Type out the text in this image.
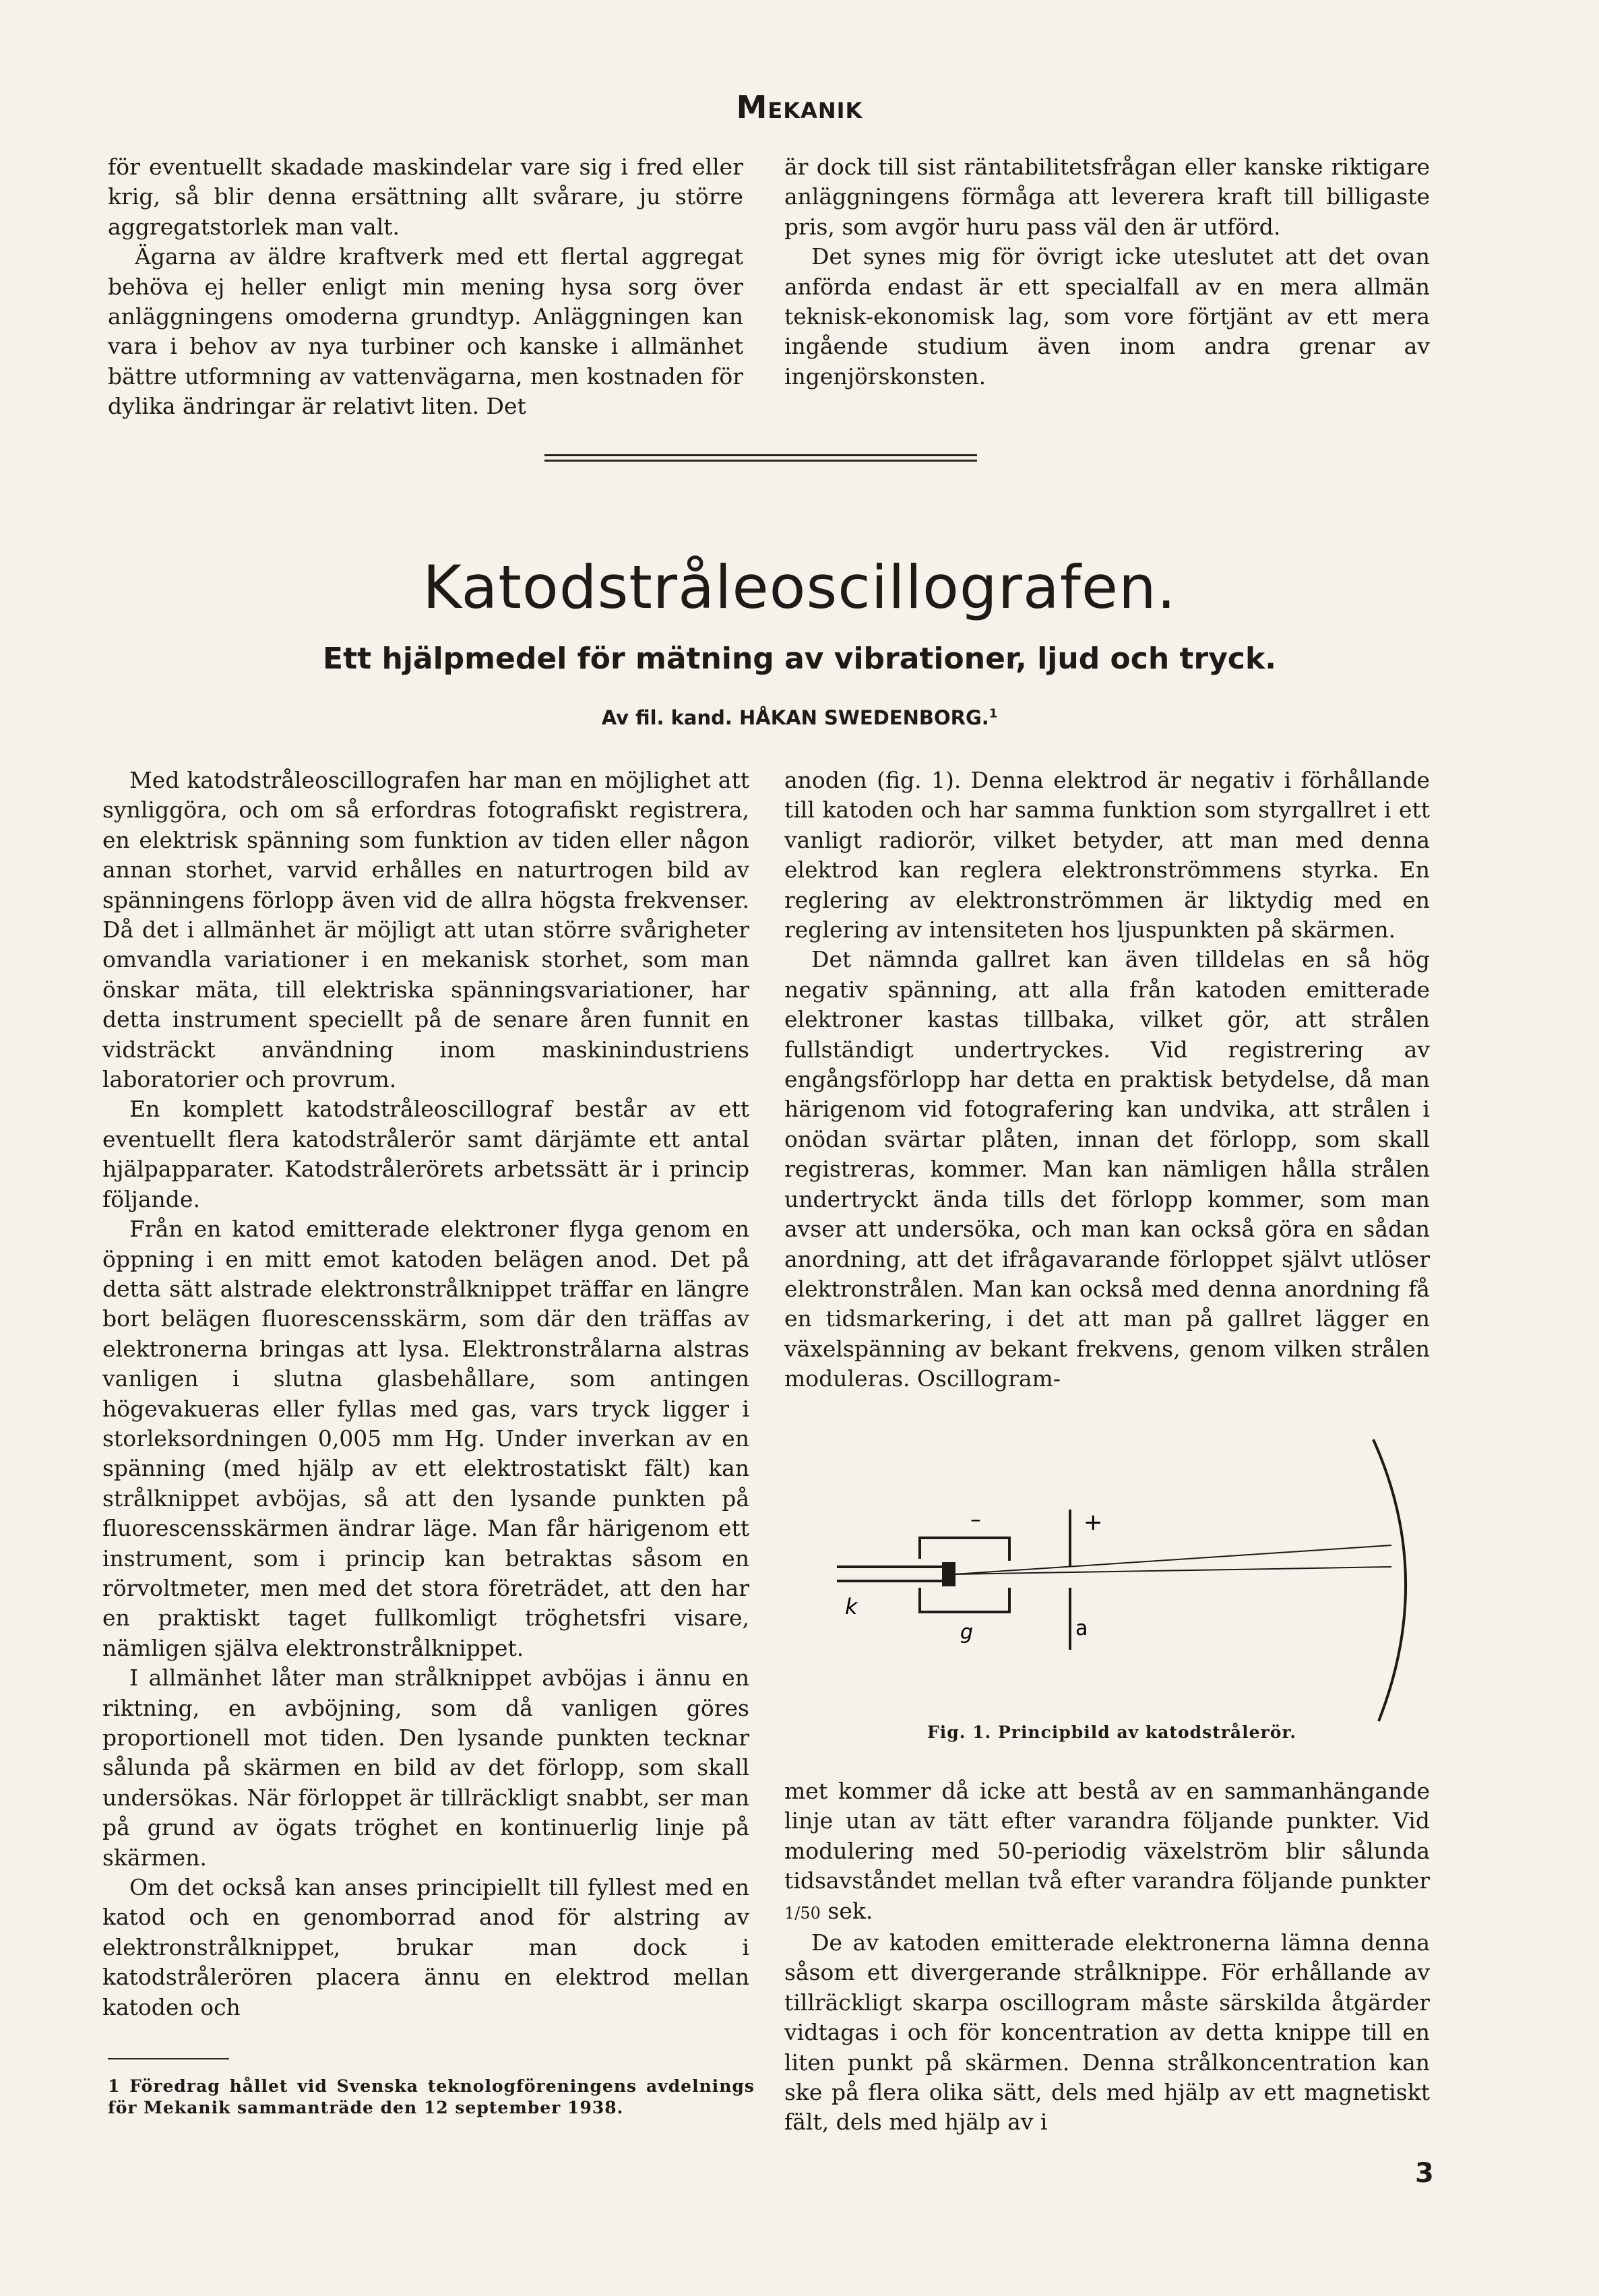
Mekanik

för eventuellt skadade maskindelar vare sig i fred eller krig, så blir denna ersättning allt svårare, ju större aggregatstorlek man valt.

Ägarna av äldre kraftverk med ett flertal aggregat behöva ej heller enligt min mening hysa sorg över anläggningens omoderna grundtyp. Anläggningen kan vara i behov av nya turbiner och kanske i allmänhet bättre utformning av vattenvägarna, men kostnaden för dylika ändringar är relativt liten. Det

är dock till sist räntabilitetsfrågan eller kanske riktigare anläggningens förmåga att leverera kraft till billigaste pris, som avgör huru pass väl den är utförd.

Det synes mig för övrigt icke uteslutet att det ovan anförda endast är ett specialfall av en mera allmän teknisk-ekonomisk lag, som vore förtjänt av ett mera ingående studium även inom andra grenar av ingenjörskonsten.

Katodstråleoscillografen.
Ett hjälpmedel för mätning av vibrationer, ljud och tryck.
Av fil. kand. HÅKAN SWEDENBORG.$^1$

Med katodstråleoscillografen har man en möjlighet att synliggöra, och om så erfordras fotografiskt registrera, en elektrisk spänning som funktion av tiden eller någon annan storhet, varvid erhålles en naturtrogen bild av spänningens förlopp även vid de allra högsta frekvenser. Då det i allmänhet är möjligt att utan större svårigheter omvandla variationer i en mekanisk storhet, som man önskar mäta, till elektriska spänningsvariationer, har detta instrument speciellt på de senare åren funnit en vidsträckt användning inom maskinindustriens laboratorier och provrum.

En komplett katodstråleoscillograf består av ett eventuellt flera katodstrålerör samt därjämte ett antal hjälpapparater. Katodstrålerörets arbetssätt är i princip följande.

Från en katod emitterade elektroner flyga genom en öppning i en mitt emot katoden belägen anod. Det på detta sätt alstrade elektronstrålknippet träffar en längre bort belägen fluorescensskärm, som där den träffas av elektronerna bringas att lysa. Elektronstrålarna alstras vanligen i slutna glasbehållare, som antingen högevakueras eller fyllas med gas, vars tryck ligger i storleksordningen 0,005 mm Hg. Under inverkan av en spänning (med hjälp av ett elektrostatiskt fält) kan strålknippet avböjas, så att den lysande punkten på fluorescensskärmen ändrar läge. Man får härigenom ett instrument, som i princip kan betraktas såsom en rörvoltmeter, men med det stora företrädet, att den har en praktiskt taget fullkomligt tröghetsfri visare, nämligen själva elektronstrålknippet.

I allmänhet låter man strålknippet avböjas i ännu en riktning, en avböjning, som då vanligen göres proportionell mot tiden. Den lysande punkten tecknar sålunda på skärmen en bild av det förlopp, som skall undersökas. När förloppet är tillräckligt snabbt, ser man på grund av ögats tröghet en kontinuerlig linje på skärmen.

Om det också kan anses principiellt till fyllest med en katod och en genomborrad anod för alstring av elektronstrålknippet, brukar man dock i katodstrålerören placera ännu en elektrod mellan katoden och

anoden (fig. 1). Denna elektrod är negativ i förhållande till katoden och har samma funktion som styrgallret i ett vanligt radiorör, vilket betyder, att man med denna elektrod kan reglera elektronströmmens styrka. En reglering av elektronströmmen är liktydig med en reglering av intensiteten hos ljuspunkten på skärmen.

Det nämnda gallret kan även tilldelas en så hög negativ spänning, att alla från katoden emitterade elektroner kastas tillbaka, vilket gör, att strålen fullständigt undertryckes. Vid registrering av engångsförlopp har detta en praktisk betydelse, då man härigenom vid fotografering kan undvika, att strålen i onödan svärtar plåten, innan det förlopp, som skall registreras, kommer. Man kan nämligen hålla strålen undertryckt ända tills det förlopp kommer, som man avser att undersöka, och man kan också göra en sådan anordning, att det ifrågavarande förloppet självt utlöser elektronstrålen. Man kan också med denna anordning få en tidsmarkering, i det att man på gallret lägger en växelspänning av bekant frekvens, genom vilken strålen moduleras. Oscillogram-

–	+
k
g	a
Fig. 1. Principbild av katodstrålerör.

met kommer då icke att bestå av en sammanhängande linje utan av tätt efter varandra följande punkter. Vid modulering med 50-periodig växelström blir sålunda tidsavståndet mellan två efter varandra följande punkter 1/50 sek.

De av katoden emitterade elektronerna lämna denna såsom ett divergerande strålknippe. För erhållande av tillräckligt skarpa oscillogram måste särskilda åtgärder vidtagas i och för koncentration av detta knippe till en liten punkt på skärmen. Denna strålkoncentration kan ske på flera olika sätt, dels med hjälp av ett magnetiskt fält, dels med hjälp av i

1 Föredrag hållet vid Svenska teknologföreningens avdelnings för Mekanik sammanträde den 12 september 1938.
3
